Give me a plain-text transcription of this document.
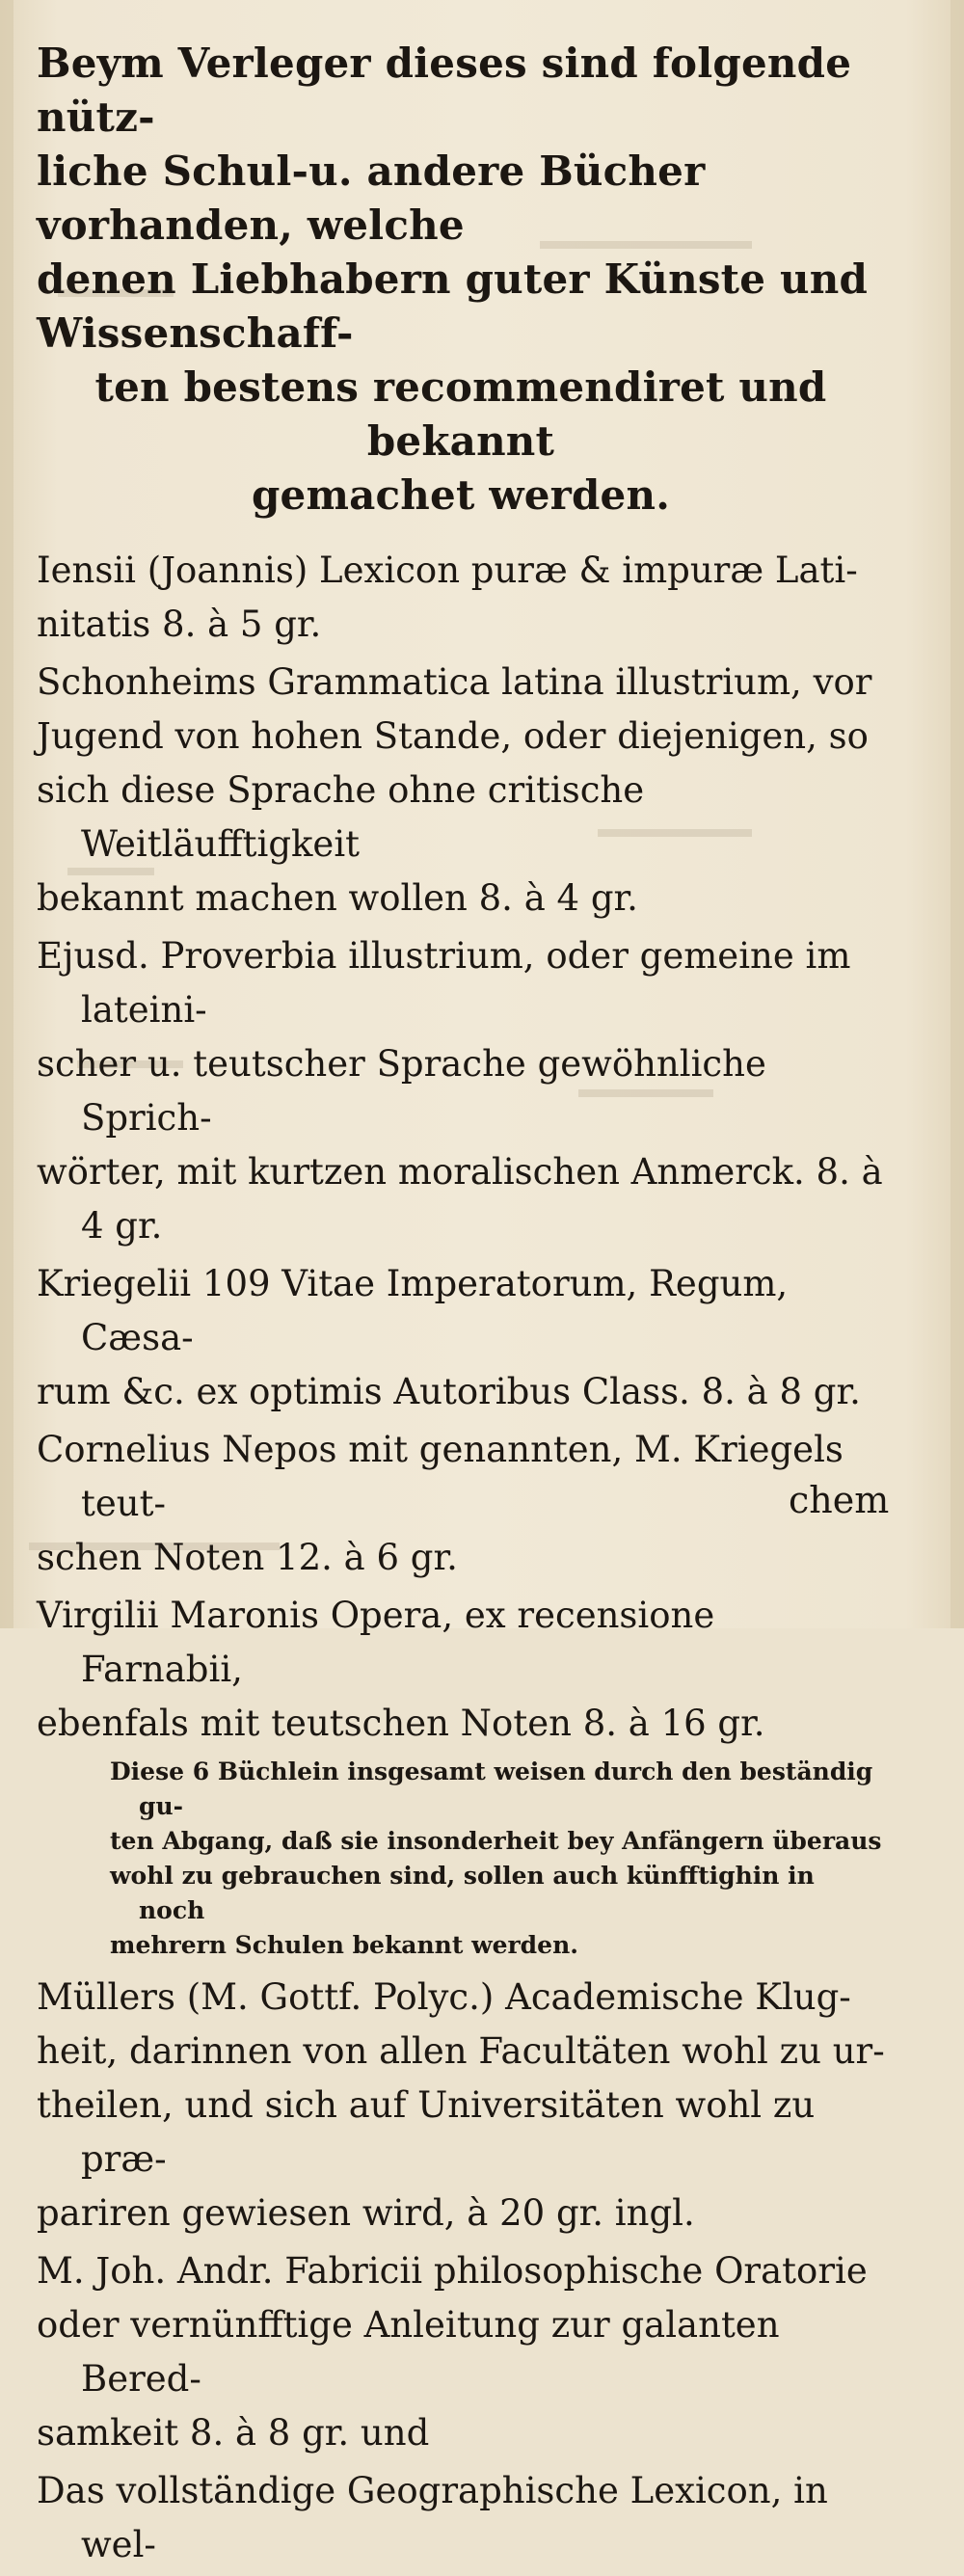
Beym Verleger dieses sind folgende nütz-
liche Schul-u. andere Bücher vorhanden, welche
denen Liebhabern guter Künste und Wissenschaff-
ten bestens recommendiret und bekannt
gemachet werden.
Iensii (Joannis) Lexicon puræ & impuræ Lati-
nitatis 8. à 5 gr.
Schonheims Grammatica latina illustrium, vor
Jugend von hohen Stande, oder diejenigen, so
sich diese Sprache ohne critische Weitläufftigkeit
bekannt machen wollen 8. à 4 gr.
Ejusd. Proverbia illustrium, oder gemeine im lateini-
scher u. teutscher Sprache gewöhnliche Sprich-
wörter, mit kurtzen moralischen Anmerck. 8. à 4 gr.
Kriegelii 109 Vitae Imperatorum, Regum, Cæsa-
rum &c. ex optimis Autoribus Class. 8. à 8 gr.
Cornelius Nepos mit genannten, M. Kriegels teut-
schen Noten 12. à 6 gr.
Virgilii Maronis Opera, ex recensione Farnabii,
ebenfals mit teutschen Noten 8. à 16 gr.
Diese 6 Büchlein insgesamt weisen durch den beständig gu-
ten Abgang, daß sie insonderheit bey Anfängern überaus
wohl zu gebrauchen sind, sollen auch künfftighin in noch
mehrern Schulen bekannt werden.
Müllers (M. Gottf. Polyc.) Academische Klug-
heit, darinnen von allen Facultäten wohl zu ur-
theilen, und sich auf Universitäten wohl zu præ-
pariren gewiesen wird, à 20 gr. ingl.
M. Joh. Andr. Fabricii philosophische Oratorie
oder vernünfftige Anleitung zur galanten Bered-
samkeit 8. à 8 gr. und
Das vollständige Geographische Lexicon, in wel-
chem
